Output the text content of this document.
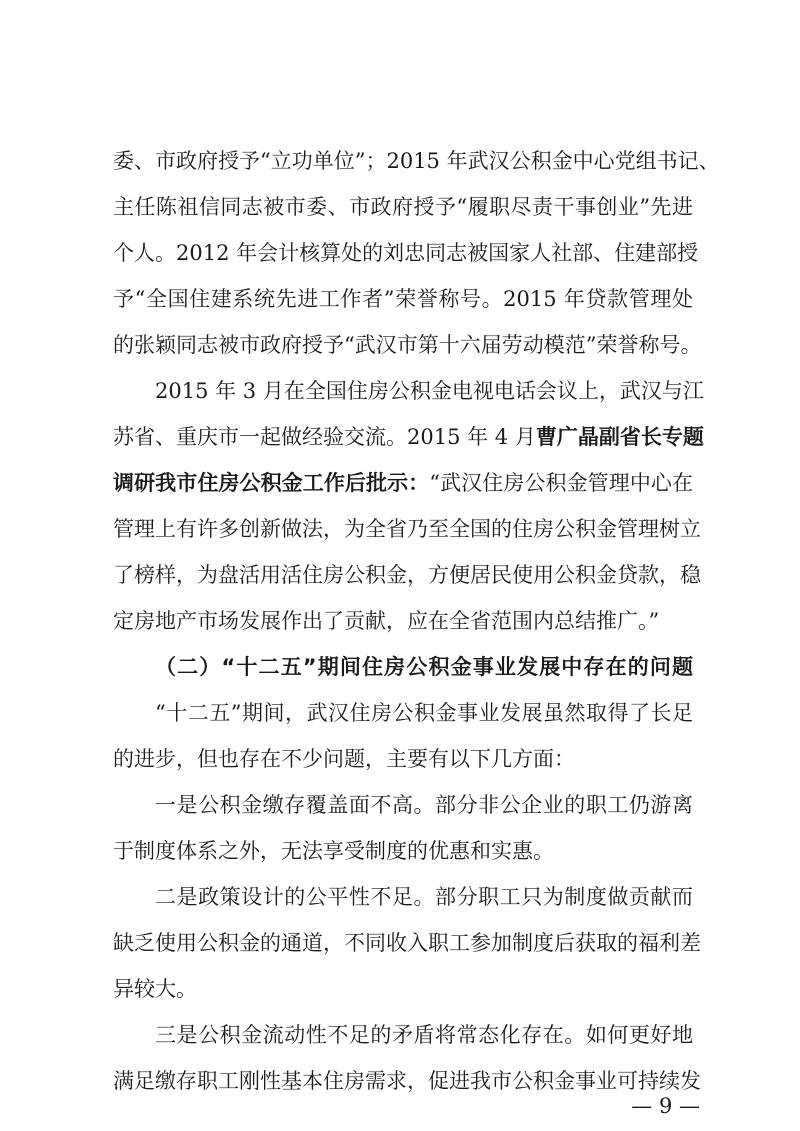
委、市政府授予“立功单位”；2015 年武汉公积金中心党组书记、
主任陈祖信同志被市委、市政府授予“履职尽责干事创业”先进
个人。2012 年会计核算处的刘忠同志被国家人社部、住建部授
予“全国住建系统先进工作者”荣誉称号。2015 年贷款管理处
的张颖同志被市政府授予“武汉市第十六届劳动模范”荣誉称号。
2015 年 3 月在全国住房公积金电视电话会议上，武汉与江
苏省、重庆市一起做经验交流。2015 年 4 月曹广晶副省长专题
调研我市住房公积金工作后批示：“武汉住房公积金管理中心在
管理上有许多创新做法，为全省乃至全国的住房公积金管理树立
了榜样，为盘活用活住房公积金，方便居民使用公积金贷款，稳
定房地产市场发展作出了贡献，应在全省范围内总结推广。”
（二）“十二五”期间住房公积金事业发展中存在的问题
“十二五”期间，武汉住房公积金事业发展虽然取得了长足
的进步，但也存在不少问题，主要有以下几方面：
一是公积金缴存覆盖面不高。部分非公企业的职工仍游离
于制度体系之外，无法享受制度的优惠和实惠。
二是政策设计的公平性不足。部分职工只为制度做贡献而
缺乏使用公积金的通道，不同收入职工参加制度后获取的福利差
异较大。
三是公积金流动性不足的矛盾将常态化存在。如何更好地
满足缴存职工刚性基本住房需求，促进我市公积金事业可持续发
— 9 —
